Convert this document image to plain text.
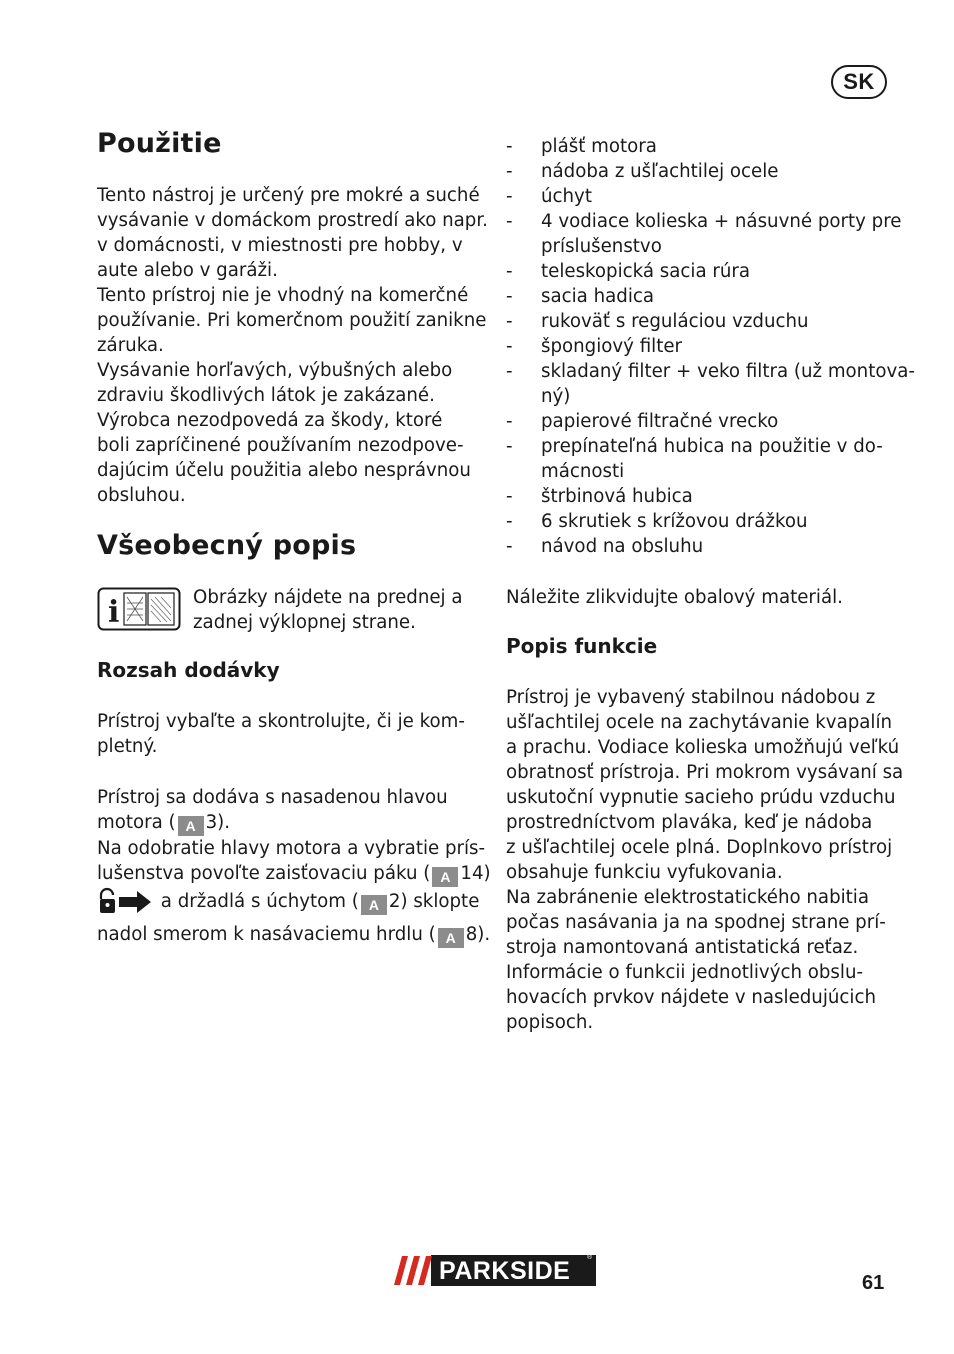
SK
Použitie

Tento nástroj je určený pre mokré a suché
vysávanie v domáckom prostredí ako napr.
v domácnosti, v miestnosti pre hobby, v
aute alebo v garáži.
Tento prístroj nie je vhodný na komerčné
používanie. Pri komerčnom použití zanikne
záruka.
Vysávanie horľavých, výbušných alebo
zdraviu škodlivých látok je zakázané.
Výrobca nezodpovedá za škody, ktoré
boli zapríčinené používaním nezodpove-
dajúcim účelu použitia alebo nesprávnou
obsluhou.

Všeobecný popis
i	Obrázky nájdete na prednej a
zadnej výklopnej strane.
Rozsah dodávky
Prístroj vybaľte a skontrolujte, či je kom-
pletný.
Prístroj sa dodáva s nasadenou hlavou
motora ( A 3).
Na odobratie hlavy motora a vybratie prís-
lušenstva povoľte zaisťovaciu páku ( A 14)
a držadlá s úchytom ( A 2) sklopte
nadol smerom k nasávaciemu hrdlu ( A 8).
- plášť motora
- nádoba z ušľachtilej ocele
- úchyt
- 4 vodiace kolieska + násuvné porty pre
príslušenstvo
- teleskopická sacia rúra
- sacia hadica
- rukoväť s reguláciou vzduchu
- špongiový filter
- skladaný filter + veko filtra (už montova-
ný)
- papierové filtračné vrecko
- prepínateľná hubica na použitie v do-
mácnosti
- štrbinová hubica
- 6 skrutiek s krížovou drážkou
- návod na obsluhu

Náležite zlikvidujte obalový materiál.

Popis funkcie

Prístroj je vybavený stabilnou nádobou z
ušľachtilej ocele na zachytávanie kvapalín
a prachu. Vodiace kolieska umožňujú veľkú
obratnosť prístroja. Pri mokrom vysávaní sa
uskutoční vypnutie sacieho prúdu vzduchu
prostredníctvom plaváka, keď je nádoba
z ušľachtilej ocele plná. Doplnkovo prístroj
obsahuje funkciu vyfukovania.
Na zabránenie elektrostatického nabitia
počas nasávania ja na spodnej strane prí-
stroja namontovaná antistatická reťaz.
Informácie o funkcii jednotlivých obslu-
hovacích prvkov nájdete v nasledujúcich
popisoch.

PARKSIDE ®
61
